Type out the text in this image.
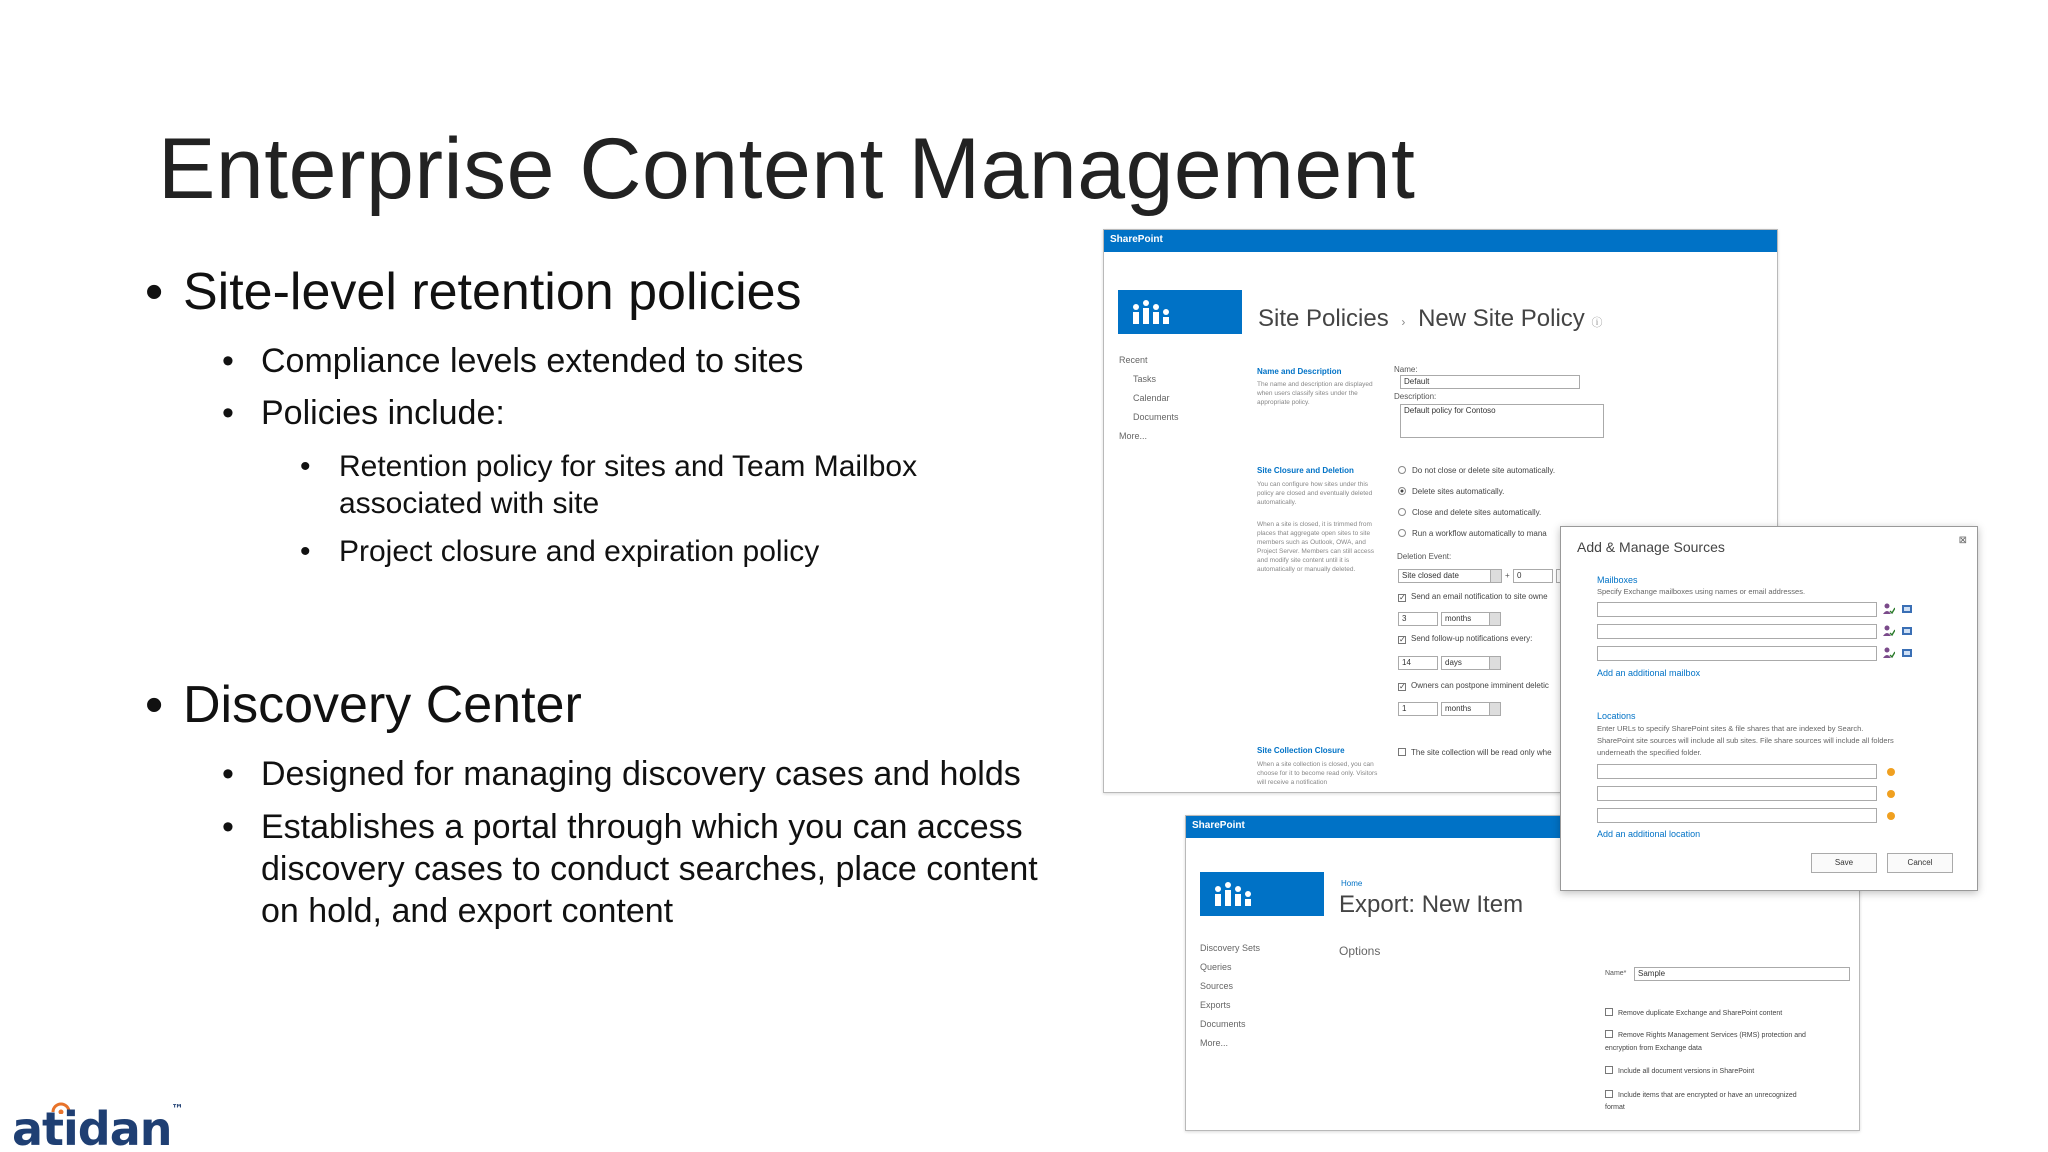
Enterprise Content Management
• Site-level retention policies
• Compliance levels extended to sites
• Policies include:
• Retention policy for sites and Team Mailbox
associated with site
• Project closure and expiration policy
• Discovery Center
• Designed for managing discovery cases and holds
• Establishes a portal through which you can access
discovery cases to conduct searches, place content
on hold, and export content
SharePoint
Site Policies › New Site Policy ⓘ
Recent
Tasks
Calendar
Documents
More...
Name and Description
The name and description are displayed when users classify sites under the appropriate policy.
Name:
Default
Description:
Default policy for Contoso
Site Closure and Deletion
You can configure how sites under this policy are closed and eventually deleted automatically.
When a site is closed, it is trimmed from places that aggregate open sites to site members such as Outlook, OWA, and Project Server. Members can still access and modify site content until it is automatically or manually deleted.
Do not close or delete site automatically.
Delete sites automatically.
Close and delete sites automatically.
Run a workflow automatically to mana
Deletion Event:
Site closed date	+ 0
✓ Send an email notification to site owne
3	months
✓ Send follow-up notifications every:
14	days
✓ Owners can postpone imminent deletic
1	months
Site Collection Closure
When a site collection is closed, you can choose for it to become read only. Visitors will receive a notification
The site collection will be read only whe
SharePoint
Home
Export: New Item
Discovery Sets
Queries
Sources
Exports
Documents
More...
Options
Name*	Sample
Remove duplicate Exchange and SharePoint content
Remove Rights Management Services (RMS) protection and
encryption from Exchange data
Include all document versions in SharePoint
Include items that are encrypted or have an unrecognized
format
Add & Manage Sources	⊠
Mailboxes
Specify Exchange mailboxes using names or email addresses.
Add an additional mailbox
Locations
Enter URLs to specify SharePoint sites & file shares that are indexed by Search.
SharePoint site sources will include all sub sites. File share sources will include all folders
underneath the specified folder.
Add an additional location
Save	Cancel
atidan™
